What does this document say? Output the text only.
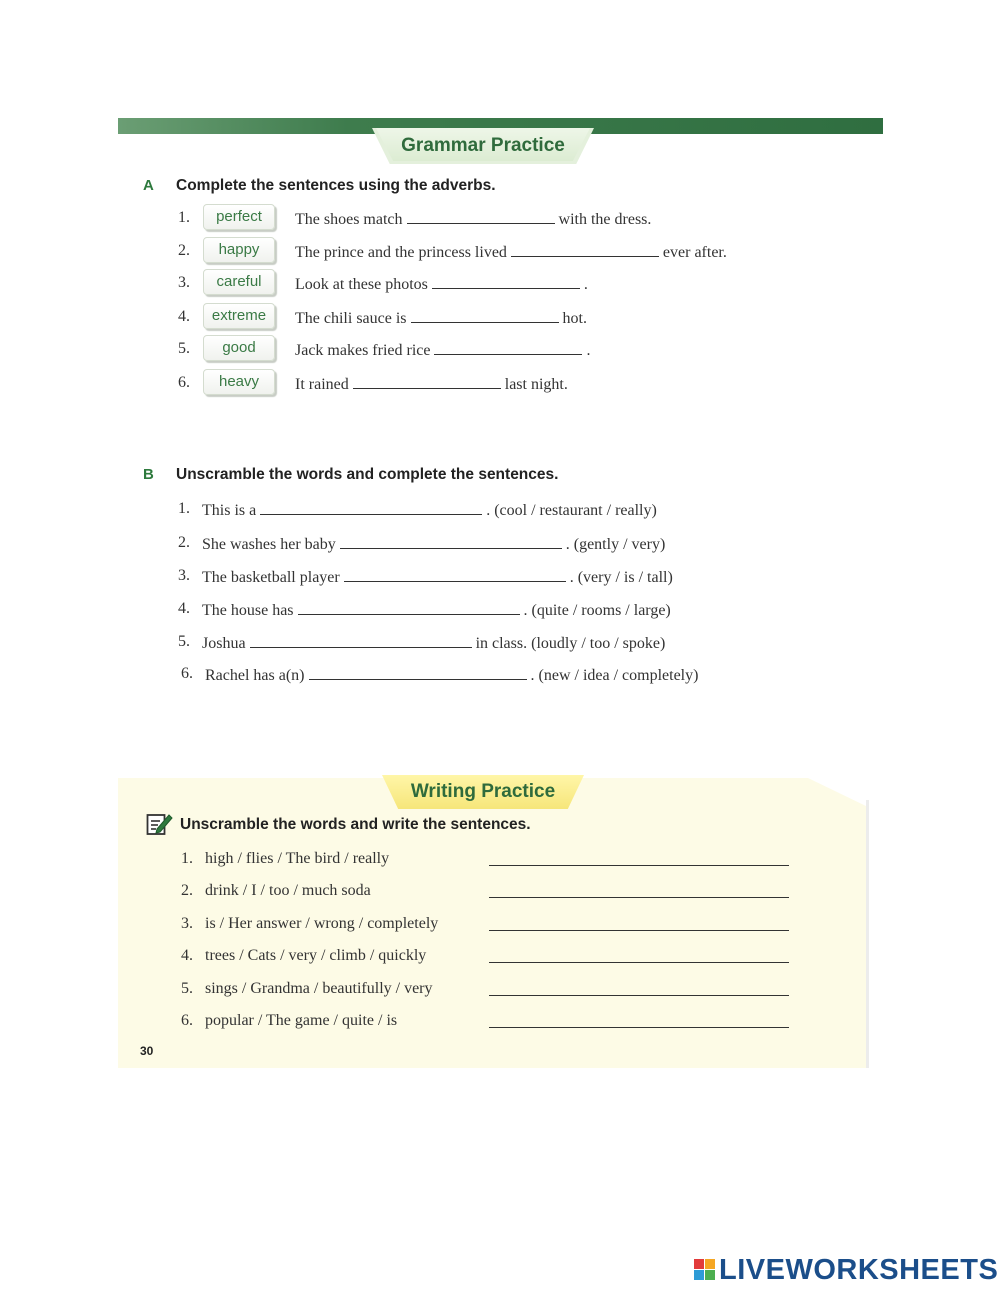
Grammar Practice
A Complete the sentences using the adverbs.
1.	perfect	The shoes match	with the dress.
2.	happy	The prince and the princess lived	ever after.
3.	careful	Look at these photos	.
4.	extreme	The chili sauce is	hot.
5.	good	Jack makes fried rice	.
6.	heavy	It rained	last night.
B Unscramble the words and complete the sentences.
1. This is a	. (cool / restaurant / really)
2. She washes her baby	. (gently / very)
3. The basketball player	. (very / is / tall)
4. The house has	. (quite / rooms / large)
5. Joshua	in class. (loudly / too / spoke)
6. Rachel has a(n)	. (new / idea / completely)
Writing Practice
Unscramble the words and write the sentences.
1. high / flies / The bird / really
2. drink / I / too / much soda
3. is / Her answer / wrong / completely
4. trees / Cats / very / climb / quickly
5. sings / Grandma / beautifully / very
6. popular / The game / quite / is
30
LIVEWORKSHEETS
